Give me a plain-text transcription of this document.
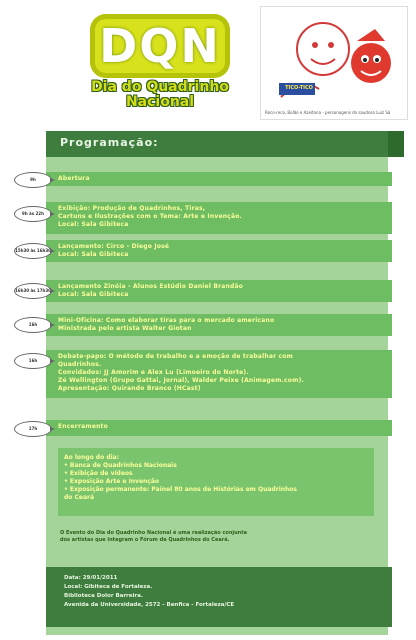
DQN
Dia do Quadrinho
Nacional
TICO-TICO
Reco-reco, Bolão e Azeitona - personagens do saudoso Luiz Sá
Programação:
Abertura
9h
Exibição: Produção de Quadrinhos, Tiras,
Cartuns e Ilustrações com o Tema: Arte e Invenção.
Local: Sala Gibiteca
9h às 22h
Lançamento: Circo - Diego José
Local: Sala Gibiteca
15h30 às 16h30
Lançamento Zinóia - Alunos Estúdio Daniel Brandão
Local: Sala Gibiteca
16h30 às 17h30
Mini-Oficina: Como elaborar tiras para o mercado americano
Ministrada pelo artista Walter Giotan
16h
Debate-papo: O método de trabalho e a emoção de trabalhar com
Quadrinhos.
Convidados: JJ Amorim e Alex Lu (Limoeiro do Norte).
Zé Wellington (Grupo Gattai, Jornal), Walder Peixe (Animagem.com).
Apresentação: Quirando Branco (HCast)
16h
Encerramento
17h
Ao longo do dia:
• Banca de Quadrinhos Nacionais
• Exibição de vídeos
• Exposição Arte e Invenção
• Exposição permanente: Painel 80 anos de Histórias em Quadrinhos
do Ceará
O Evento do Dia do Quadrinho Nacional é uma realização conjunta
dos artistas que integram o Fórum de Quadrinhos do Ceará.
Data: 29/01/2011
Local: Gibiteca de Fortaleza.
Biblioteca Dolor Barreira.
Avenida da Universidade, 2572 - Benfica - Fortaleza/CE
